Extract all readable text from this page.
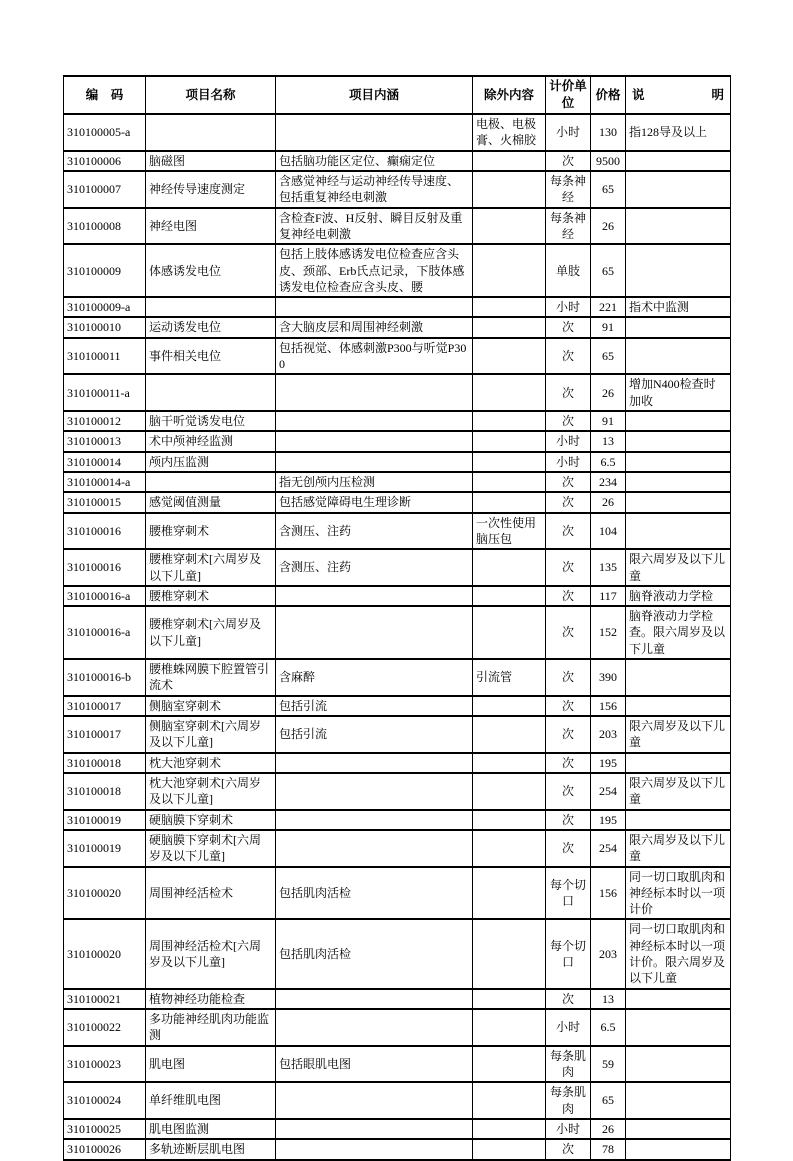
编　码	项目名称	项目内涵	除外内容	计价单位	价格	说　明
310100005-a			电极、电极膏、火棉胶	小时	130	指128导及以上
310100006	脑磁图	包括脑功能区定位、癫痫定位		次	9500	
310100007	神经传导速度测定	含感觉神经与运动神经传导速度、包括重复神经电刺激		每条神经	65	
310100008	神经电图	含检查F波、H反射、瞬目反射及重复神经电刺激		每条神经	26	
310100009	体感诱发电位	包括上肢体感诱发电位检查应含头皮、颈部、Erb氏点记录，下肢体感诱发电位检查应含头皮、腰		单肢	65	
310100009-a				小时	221	指术中监测
310100010	运动诱发电位	含大脑皮层和周围神经刺激		次	91	
310100011	事件相关电位	包括视觉、体感刺激P300与听觉P300		次	65	
310100011-a				次	26	增加N400检查时加收
310100012	脑干听觉诱发电位			次	91	
310100013	术中颅神经监测			小时	13	
310100014	颅内压监测			小时	6.5	
310100014-a		指无创颅内压检测		次	234	
310100015	感觉阈值测量	包括感觉障碍电生理诊断		次	26	
310100016	腰椎穿刺术	含测压、注药	一次性使用脑压包	次	104	
310100016	腰椎穿刺术[六周岁及以下儿童]	含测压、注药		次	135	限六周岁及以下儿童
310100016-a	腰椎穿刺术			次	117	脑脊液动力学检
310100016-a	腰椎穿刺术[六周岁及以下儿童]			次	152	脑脊液动力学检查。限六周岁及以下儿童
310100016-b	腰椎蛛网膜下腔置管引流术	含麻醉	引流管	次	390	
310100017	侧脑室穿刺术	包括引流		次	156	
310100017	侧脑室穿刺术[六周岁及以下儿童]	包括引流		次	203	限六周岁及以下儿童
310100018	枕大池穿刺术			次	195	
310100018	枕大池穿刺术[六周岁及以下儿童]			次	254	限六周岁及以下儿童
310100019	硬脑膜下穿刺术			次	195	
310100019	硬脑膜下穿刺术[六周岁及以下儿童]			次	254	限六周岁及以下儿童
310100020	周围神经活检术	包括肌肉活检		每个切口	156	同一切口取肌肉和神经标本时以一项计价
310100020	周围神经活检术[六周岁及以下儿童]	包括肌肉活检		每个切口	203	同一切口取肌肉和神经标本时以一项计价。限六周岁及以下儿童
310100021	植物神经功能检查			次	13	
310100022	多功能神经肌肉功能监测			小时	6.5	
310100023	肌电图	包括眼肌电图		每条肌肉	59	
310100024	单纤维肌电图			每条肌肉	65	
310100025	肌电图监测			小时	26	
310100026	多轨迹断层肌电图			次	78	
